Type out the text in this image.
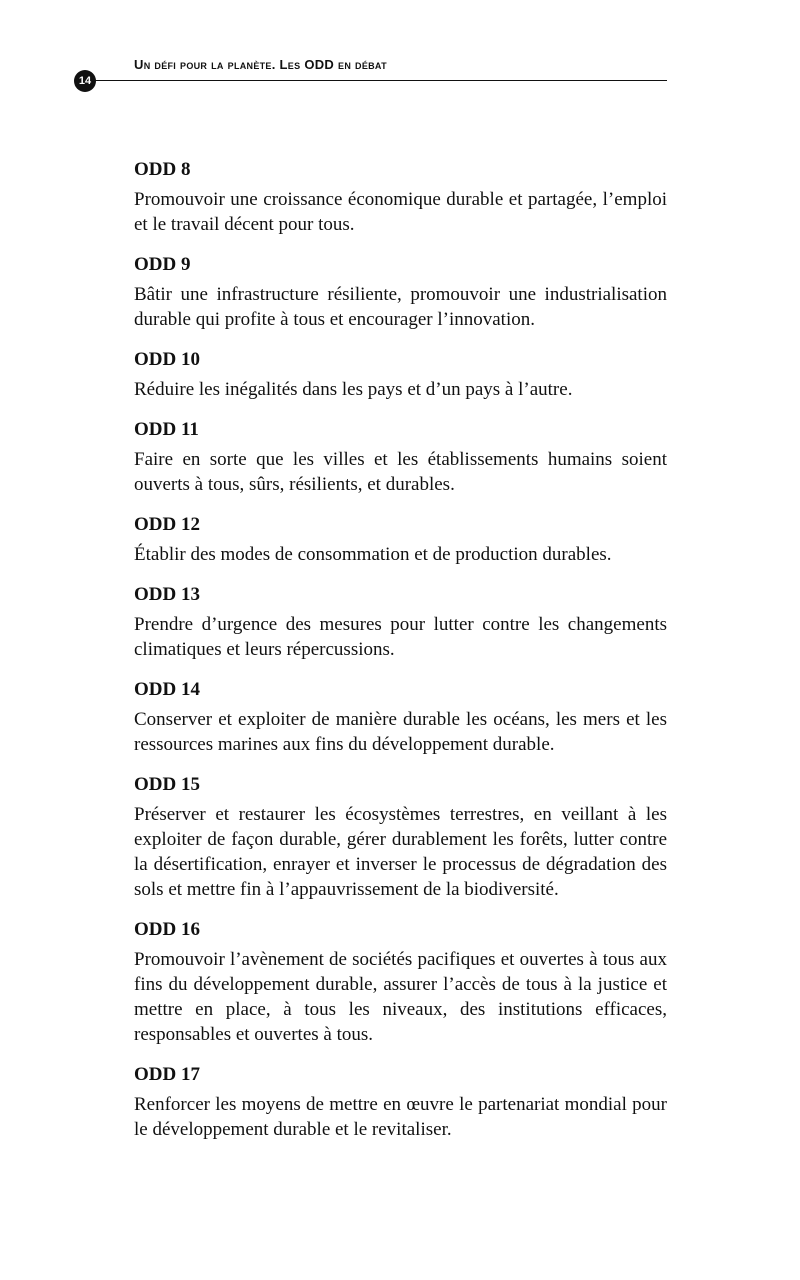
Un défi pour la planète. Les ODD en débat
14
ODD 8

Promouvoir une croissance économique durable et partagée, l’emploi et le travail décent pour tous.

ODD 9

Bâtir une infrastructure résiliente, promouvoir une industrialisation durable qui profite à tous et encourager l’innovation.

ODD 10

Réduire les inégalités dans les pays et d’un pays à l’autre.

ODD 11

Faire en sorte que les villes et les établissements humains soient ouverts à tous, sûrs, résilients, et durables.

ODD 12

Établir des modes de consommation et de production durables.

ODD 13

Prendre d’urgence des mesures pour lutter contre les changements climatiques et leurs répercussions.

ODD 14

Conserver et exploiter de manière durable les océans, les mers et les ressources marines aux fins du développement durable.

ODD 15

Préserver et restaurer les écosystèmes terrestres, en veillant à les exploiter de façon durable, gérer durablement les forêts, lutter contre la désertification, enrayer et inverser le processus de dégradation des sols et mettre fin à l’appauvrissement de la biodiversité.

ODD 16

Promouvoir l’avènement de sociétés pacifiques et ouvertes à tous aux fins du développement durable, assurer l’accès de tous à la justice et mettre en place, à tous les niveaux, des institutions efficaces, responsables et ouvertes à tous.

ODD 17

Renforcer les moyens de mettre en œuvre le partenariat mondial pour le développement durable et le revitaliser.
